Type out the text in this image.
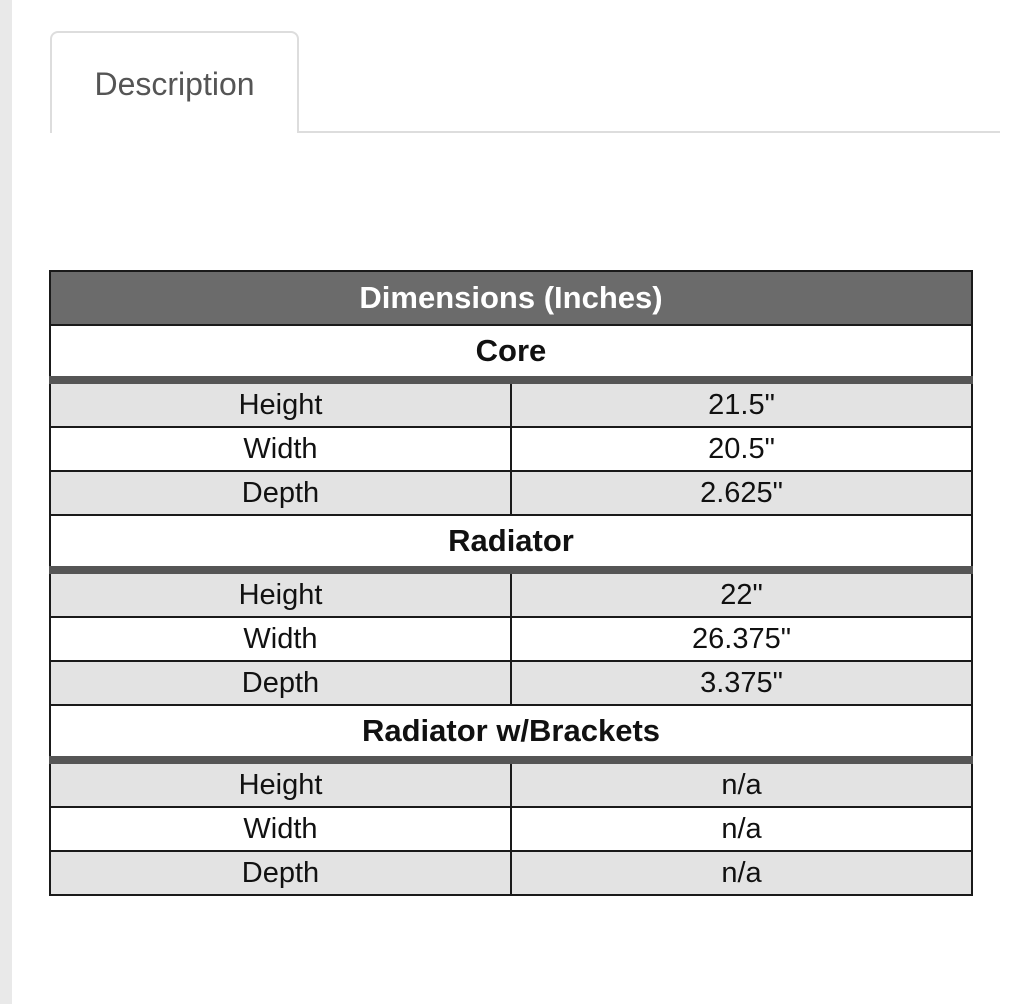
Description
Dimensions (Inches)	
Core	
Height	21.5"
Width	20.5"
Depth	2.625"
Radiator	
Height	22"
Width	26.375"
Depth	3.375"
Radiator w/Brackets	
Height	n/a
Width	n/a
Depth	n/a
